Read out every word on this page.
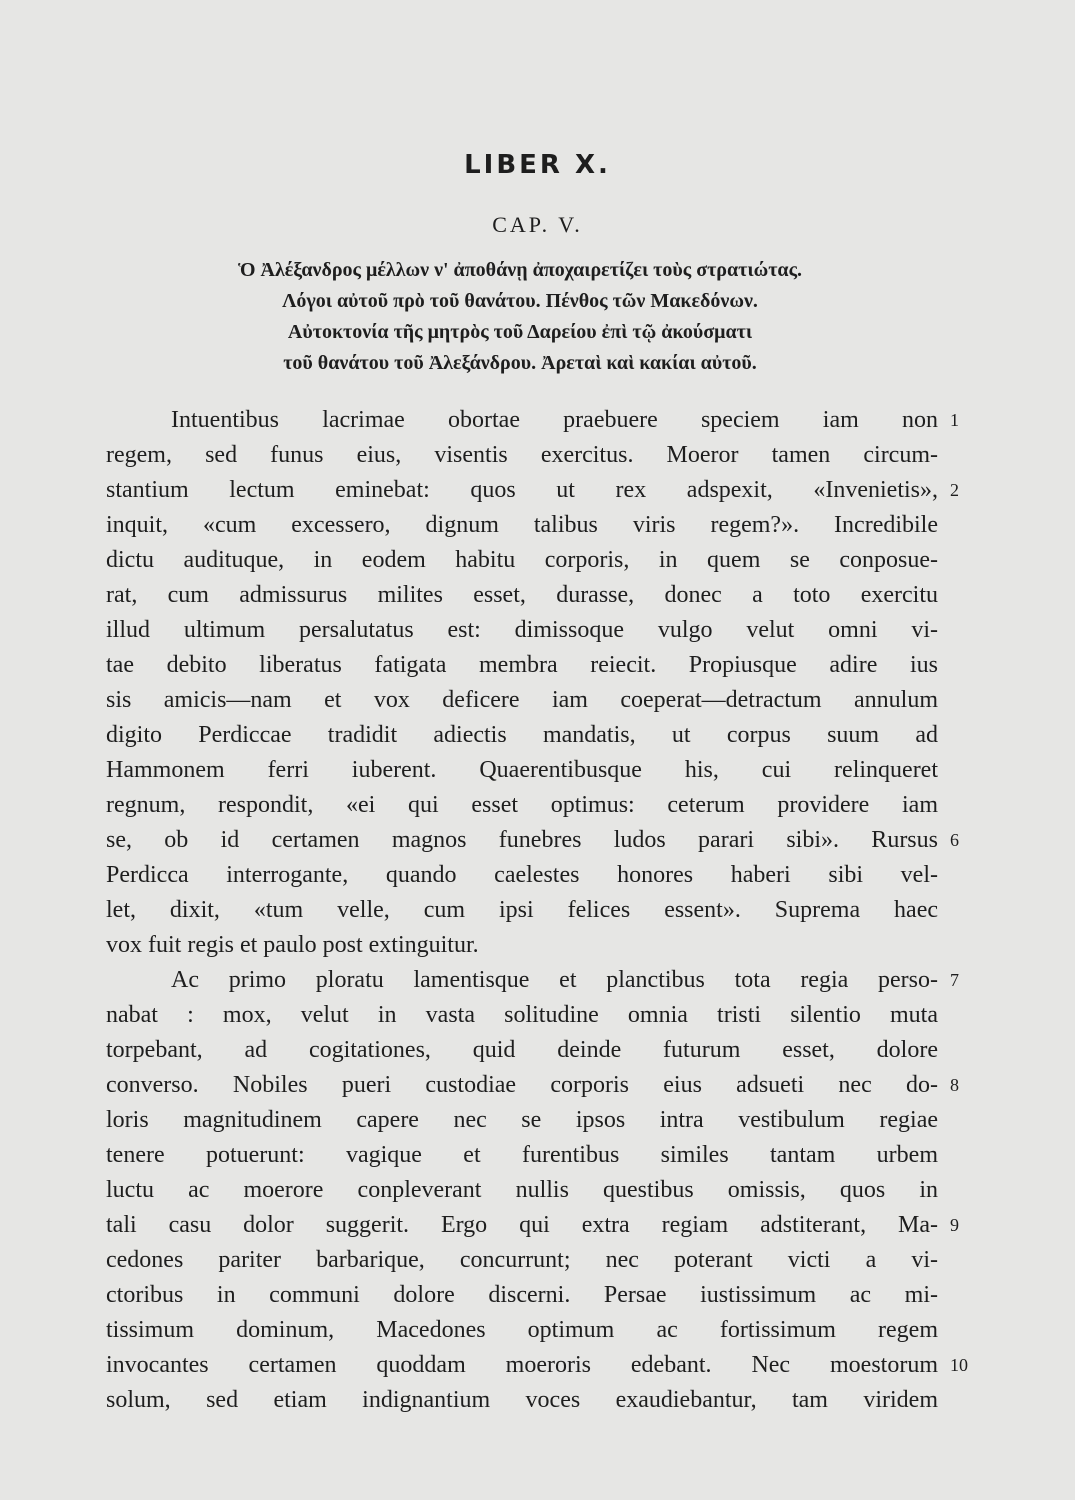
LIBER X.
CAP. V.
Ὁ Ἀλέξανδρος μέλλων ν' ἀποθάνῃ ἀποχαιρετίζει τοὺς στρατιώτας.
Λόγοι αὐτοῦ πρὸ τοῦ θανάτου. Πένθος τῶν Μακεδόνων.
Αὐτοκτονία τῆς μητρὸς τοῦ Δαρείου ἐπὶ τῷ ἀκούσματι
τοῦ θανάτου τοῦ Ἀλεξάνδρου. Ἀρεταὶ καὶ κακίαι αὐτοῦ.
Intuentibus lacrimae obortae praebuere speciem iam non
regem, sed funus eius, visentis exercitus. Moeror tamen circum-
stantium lectum eminebat: quos ut rex adspexit, «Invenietis»,
inquit, «cum excessero, dignum talibus viris regem?». Incredibile
dictu audituque, in eodem habitu corporis, in quem se conposue-
rat, cum admissurus milites esset, durasse, donec a toto exercitu
illud ultimum persalutatus est: dimissoque vulgo velut omni vi-
tae debito liberatus fatigata membra reiecit. Propiusque adire ius
sis amicis—nam et vox deficere iam coeperat—detractum annulum
digito Perdiccae tradidit adiectis mandatis, ut corpus suum ad
Hammonem ferri iuberent. Quaerentibusque his, cui relinqueret
regnum, respondit, «ei qui esset optimus: ceterum providere iam
se, ob id certamen magnos funebres ludos parari sibi». Rursus
Perdicca interrogante, quando caelestes honores haberi sibi vel-
let, dixit, «tum velle, cum ipsi felices essent». Suprema haec
vox fuit regis et paulo post extinguitur.
Ac primo ploratu lamentisque et planctibus tota regia perso-
nabat : mox, velut in vasta solitudine omnia tristi silentio muta
torpebant, ad cogitationes, quid deinde futurum esset, dolore
converso. Nobiles pueri custodiae corporis eius adsueti nec do-
loris magnitudinem capere nec se ipsos intra vestibulum regiae
tenere potuerunt: vagique et furentibus similes tantam urbem
luctu ac moerore conpleverant nullis questibus omissis, quos in
tali casu dolor suggerit. Ergo qui extra regiam adstiterant, Ma-
cedones pariter barbarique, concurrunt; nec poterant victi a vi-
ctoribus in communi dolore discerni. Persae iustissimum ac mi-
tissimum dominum, Macedones optimum ac fortissimum regem
invocantes certamen quoddam moeroris edebant. Nec moestorum
solum, sed etiam indignantium voces exaudiebantur, tam viridem
1
2
6
7
8
9
10
